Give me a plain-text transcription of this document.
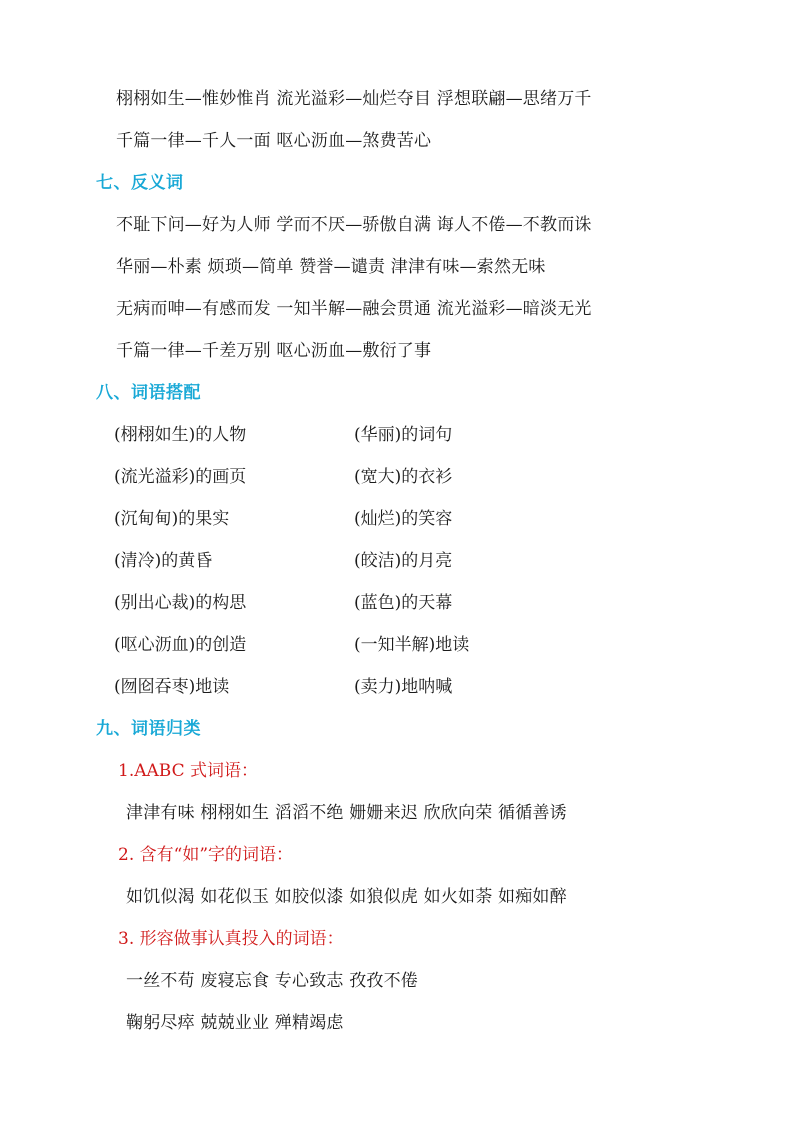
栩栩如生—惟妙惟肖 流光溢彩—灿烂夺目 浮想联翩—思绪万千
千篇一律—千人一面 呕心沥血—煞费苦心
七、反义词
不耻下问—好为人师 学而不厌—骄傲自满 诲人不倦—不教而诛
华丽—朴素 烦琐—简单 赞誉—谴责 津津有味—索然无味
无病而呻—有感而发 一知半解—融会贯通 流光溢彩—暗淡无光
千篇一律—千差万别 呕心沥血—敷衍了事
八、词语搭配
(栩栩如生)的人物	(华丽)的词句
(流光溢彩)的画页	(宽大)的衣衫
(沉甸甸)的果实	(灿烂)的笑容
(清冷)的黄昏	(皎洁)的月亮
(别出心裁)的构思	(蓝色)的天幕
(呕心沥血)的创造	(一知半解)地读
(囫囵吞枣)地读	(卖力)地呐喊
九、词语归类
1.AABC 式词语：
津津有味 栩栩如生 滔滔不绝 姗姗来迟 欣欣向荣 循循善诱
2. 含有“如”字的词语：
如饥似渴 如花似玉 如胶似漆 如狼似虎 如火如荼 如痴如醉
3. 形容做事认真投入的词语：
一丝不苟 废寝忘食 专心致志 孜孜不倦
鞠躬尽瘁 兢兢业业 殚精竭虑
